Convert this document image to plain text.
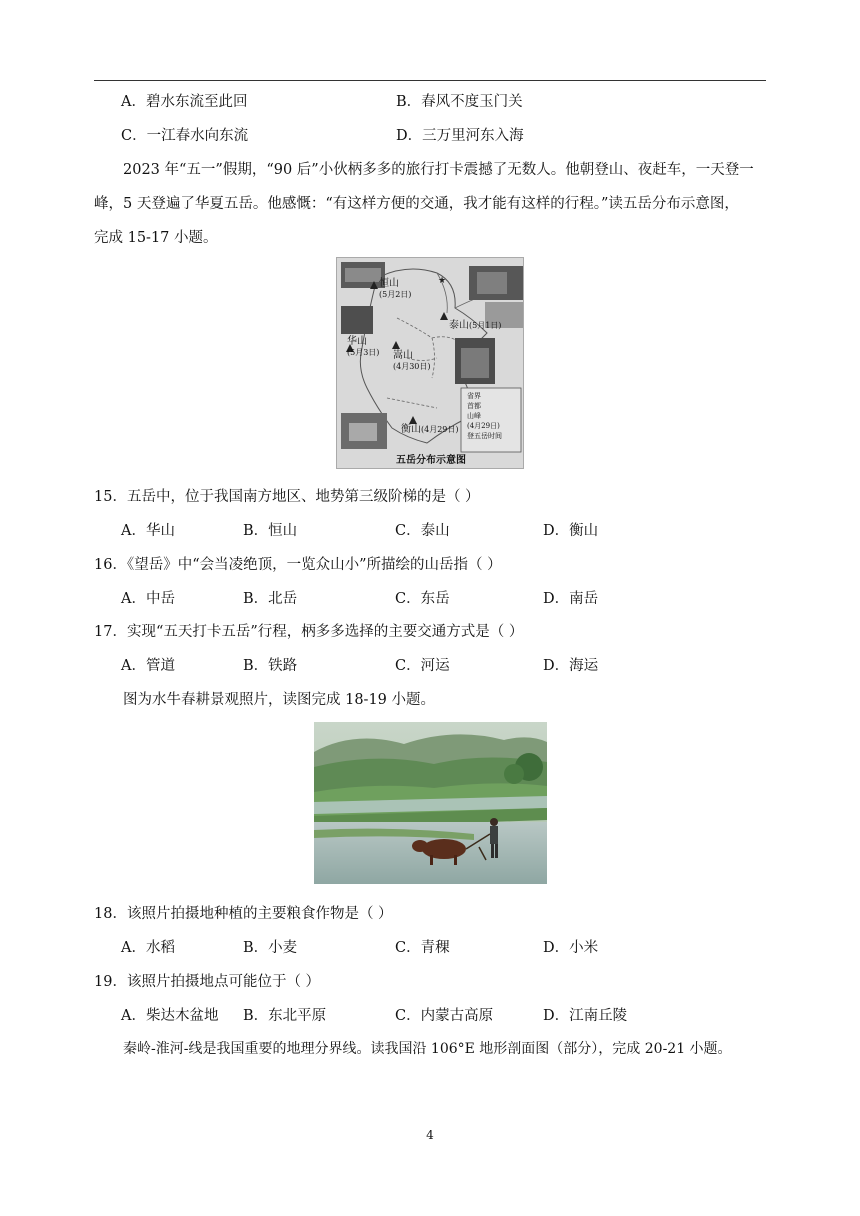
A．碧水东流至此回	B．春风不度玉门关
C．一江春水向东流	D．三万里河东入海
2023 年“五一”假期，“90 后”小伙柄多多的旅行打卡震撼了无数人。他朝登山、夜赶车，一天登一
峰，5 天登遍了华夏五岳。他感慨：“有这样方便的交通，我才能有这样的行程。”读五岳分布示意图，
完成 15-17 小题。
★
恒山
(5月2日)
泰山(5月1日)
华山
(5月3日) 嵩山
(4月30日)
衡山(4月29日)
省界
首都
山峰
(4月29日)
登五岳时间
五岳分布示意图
15．五岳中，位于我国南方地区、地势第三级阶梯的是（ ）
A．华山	B．恒山	C．泰山	D．衡山
16．《望岳》中“会当凌绝顶，一览众山小”所描绘的山岳指（ ）
A．中岳	B．北岳	C．东岳	D．南岳
17．实现“五天打卡五岳”行程，柄多多选择的主要交通方式是（ ）
A．管道	B．铁路	C．河运	D．海运
图为水牛春耕景观照片，读图完成 18-19 小题。
18．该照片拍摄地种植的主要粮食作物是（ ）
A．水稻	B．小麦	C．青稞	D．小米
19．该照片拍摄地点可能位于（ ）
A．柴达木盆地 B．东北平原	C．内蒙古高原	D．江南丘陵
秦岭-淮河-线是我国重要的地理分界线。读我国沿 106°E 地形剖面图（部分），完成 20-21 小题。
4
